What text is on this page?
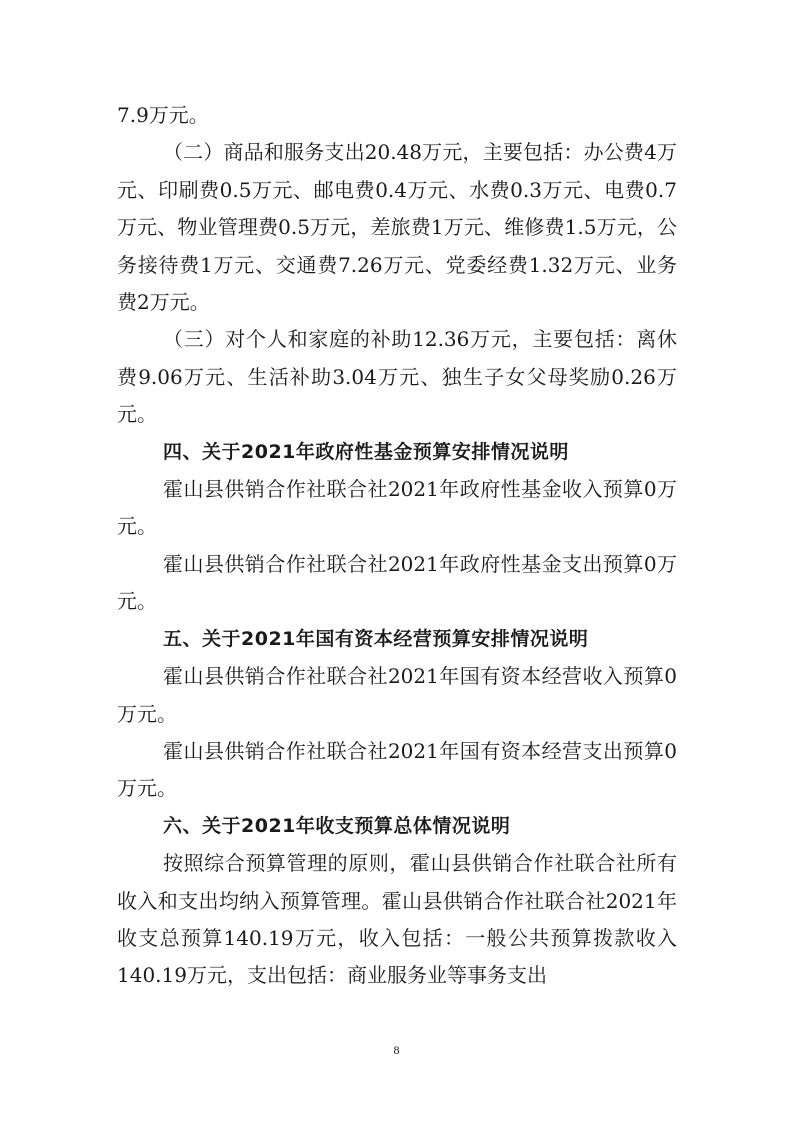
7.9万元。

（二）商品和服务支出20.48万元，主要包括：办公费4万元、印刷费0.5万元、邮电费0.4万元、水费0.3万元、电费0.7万元、物业管理费0.5万元，差旅费1万元、维修费1.5万元，公务接待费1万元、交通费7.26万元、党委经费1.32万元、业务费2万元。

（三）对个人和家庭的补助12.36万元，主要包括：离休费9.06万元、生活补助3.04万元、独生子女父母奖励0.26万元。

四、关于2021年政府性基金预算安排情况说明

霍山县供销合作社联合社2021年政府性基金收入预算0万元。

霍山县供销合作社联合社2021年政府性基金支出预算0万元。

五、关于2021年国有资本经营预算安排情况说明

霍山县供销合作社联合社2021年国有资本经营收入预算0万元。

霍山县供销合作社联合社2021年国有资本经营支出预算0万元。

六、关于2021年收支预算总体情况说明

按照综合预算管理的原则，霍山县供销合作社联合社所有收入和支出均纳入预算管理。霍山县供销合作社联合社2021年收支总预算140.19万元，收入包括：一般公共预算拨款收入140.19万元，支出包括：商业服务业等事务支出

8
